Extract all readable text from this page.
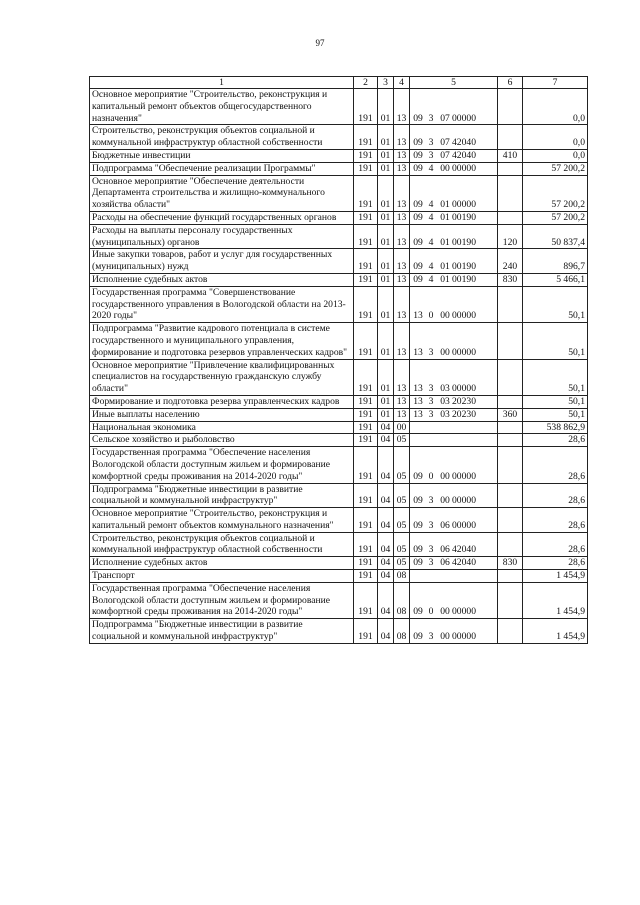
97
1	2	3	4	5	6	7
Основное мероприятие "Строительство, реконструкция и капитальный ремонт объектов общегосударственного назначения"	191	01	13	09 3 07 00000		0,0
Строительство, реконструкция объектов социальной и коммунальной инфраструктур областной собственности	191	01	13	09 3 07 42040		0,0
Бюджетные инвестиции	191	01	13	09 3 07 42040	410	0,0
Подпрограмма "Обеспечение реализации Программы"	191	01	13	09 4 00 00000		57 200,2
Основное мероприятие "Обеспечение деятельности Департамента строительства и жилищно-коммунального хозяйства области"	191	01	13	09 4 01 00000		57 200,2
Расходы на обеспечение функций государственных органов	191	01	13	09 4 01 00190		57 200,2
Расходы на выплаты персоналу государственных (муниципальных) органов	191	01	13	09 4 01 00190	120	50 837,4
Иные закупки товаров, работ и услуг для государственных (муниципальных) нужд	191	01	13	09 4 01 00190	240	896,7
Исполнение судебных актов	191	01	13	09 4 01 00190	830	5 466,1
Государственная программа "Совершенствование государственного управления в Вологодской области на 2013-2020 годы"	191	01	13	13 0 00 00000		50,1
Подпрограмма "Развитие кадрового потенциала в системе государственного и муниципального управления, формирование и подготовка резервов управленческих кадров"	191	01	13	13 3 00 00000		50,1
Основное мероприятие "Привлечение квалифицированных специалистов на государственную гражданскую службу области"	191	01	13	13 3 03 00000		50,1
Формирование и подготовка резерва управленческих кадров	191	01	13	13 3 03 20230		50,1
Иные выплаты населению	191	01	13	13 3 03 20230	360	50,1
Национальная экономика	191	04	00			538 862,9
Сельское хозяйство и рыболовство	191	04	05			28,6
Государственная программа "Обеспечение населения Вологодской области доступным жильем и формирование комфортной среды проживания на 2014-2020 годы"	191	04	05	09 0 00 00000		28,6
Подпрограмма "Бюджетные инвестиции в развитие социальной и коммунальной инфраструктур"	191	04	05	09 3 00 00000		28,6
Основное мероприятие "Строительство, реконструкция и капитальный ремонт объектов коммунального назначения"	191	04	05	09 3 06 00000		28,6
Строительство, реконструкция объектов социальной и коммунальной инфраструктур областной собственности	191	04	05	09 3 06 42040		28,6
Исполнение судебных актов	191	04	05	09 3 06 42040	830	28,6
Транспорт	191	04	08			1 454,9
Государственная программа "Обеспечение населения Вологодской области доступным жильем и формирование комфортной среды проживания на 2014-2020 годы"	191	04	08	09 0 00 00000		1 454,9
Подпрограмма "Бюджетные инвестиции в развитие социальной и коммунальной инфраструктур"	191	04	08	09 3 00 00000		1 454,9
